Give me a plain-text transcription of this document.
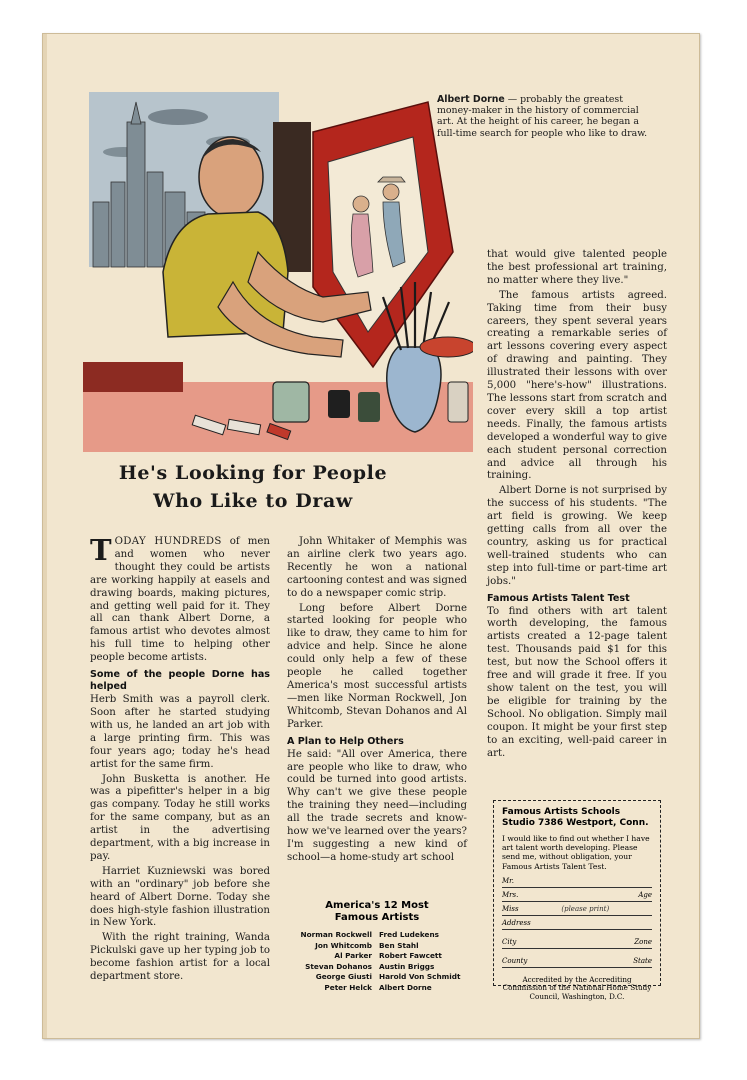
Albert Dorne — probably the greatest money-maker in the history of commercial art. At the height of his career, he began a full-time search for people who like to draw.
He's Looking for People
Who Like to Draw

TODAY HUNDREDS of men and women who never thought they could be artists are working happily at easels and drawing boards, making pictures, and getting well paid for it. They all can thank Albert Dorne, a famous artist who devotes almost his full time to helping other people become artists.

Some of the people Dorne has helped

Herb Smith was a payroll clerk. Soon after he started studying with us, he landed an art job with a large printing firm. This was four years ago; today he's head artist for the same firm.

John Busketta is another. He was a pipefitter's helper in a big gas company. Today he still works for the same company, but as an artist in the advertising department, with a big increase in pay.

Harriet Kuzniewski was bored with an "ordinary" job before she heard of Albert Dorne. Today she does high-style fashion illustration in New York.

With the right training, Wanda Pickulski gave up her typing job to become fashion artist for a local department store.

John Whitaker of Memphis was an airline clerk two years ago. Recently he won a national cartooning contest and was signed to do a newspaper comic strip.

Long before Albert Dorne started looking for people who like to draw, they came to him for advice and help. Since he alone could only help a few of these people he called together America's most successful artists—men like Norman Rockwell, Jon Whitcomb, Stevan Dohanos and Al Parker.

A Plan to Help Others

He said: "All over America, there are people who like to draw, who could be turned into good artists. Why can't we give these people the training they need—including all the trade secrets and know-how we've learned over the years? I'm suggesting a new kind of school—a home-study art school

America's 12 Most
Famous Artists
Norman Rockwell	Fred Ludekens
Jon Whitcomb	Ben Stahl
Al Parker	Robert Fawcett
Stevan Dohanos	Austin Briggs
George Giusti	Harold Von Schmidt
Peter Helck	Albert Dorne

that would give talented people the best professional art training, no matter where they live."

The famous artists agreed. Taking time from their busy careers, they spent several years creating a remarkable series of art lessons covering every aspect of drawing and painting. They illustrated their lessons with over 5,000 "here's-how" illustrations. The lessons start from scratch and cover every skill a top artist needs. Finally, the famous artists developed a wonderful way to give each student personal correction and advice all through his training.

Albert Dorne is not surprised by the success of his students. "The art field is growing. We keep getting calls from all over the country, asking us for practical well-trained students who can step into full-time or part-time art jobs."

Famous Artists Talent Test

To find others with art talent worth developing, the famous artists created a 12-page talent test. Thousands paid $1 for this test, but now the School offers it free and will grade it free. If you show talent on the test, you will be eligible for training by the School. No obligation. Simply mail coupon. It might be your first step to an exciting, well-paid career in art.

Famous Artists Schools
Studio 7386 Westport, Conn.
I would like to find out whether I have art talent worth developing. Please send me, without obligation, your Famous Artists Talent Test.
Mr.
Mrs.	Age
Miss	(please print)
Address
City	Zone
County	State
Accredited by the Accrediting Commission of the National Home Study Council, Washington, D.C.
